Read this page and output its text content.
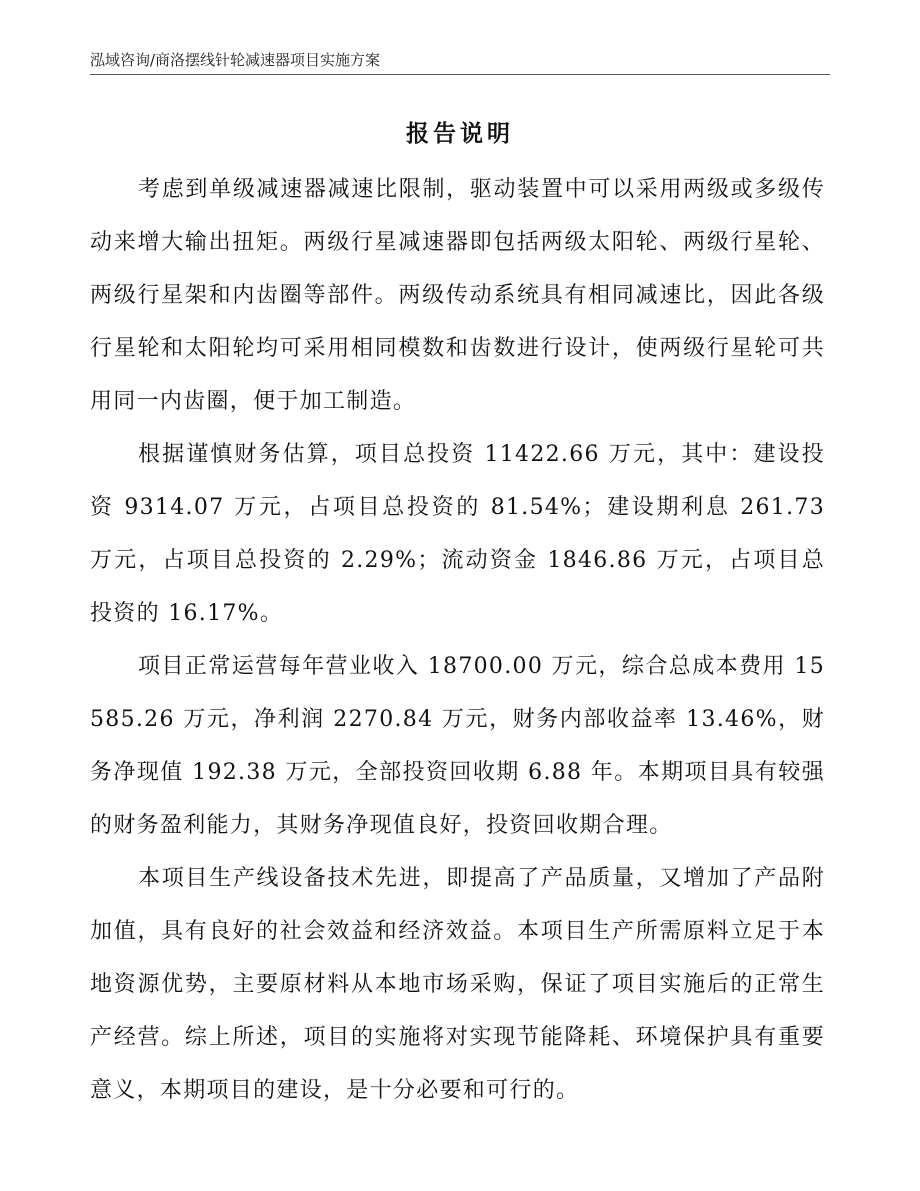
泓域咨询/商洛摆线针轮减速器项目实施方案
报告说明

考虑到单级减速器减速比限制，驱动装置中可以采用两级或多级传动来增大输出扭矩。两级行星减速器即包括两级太阳轮、两级行星轮、两级行星架和内齿圈等部件。两级传动系统具有相同减速比，因此各级行星轮和太阳轮均可采用相同模数和齿数进行设计，使两级行星轮可共用同一内齿圈，便于加工制造。

根据谨慎财务估算，项目总投资 11422.66 万元，其中：建设投资 9314.07 万元，占项目总投资的 81.54%；建设期利息 261.73 万元，占项目总投资的 2.29%；流动资金 1846.86 万元，占项目总投资的 16.17%。

项目正常运营每年营业收入 18700.00 万元，综合总成本费用 15585.26 万元，净利润 2270.84 万元，财务内部收益率 13.46%，财务净现值 192.38 万元，全部投资回收期 6.88 年。本期项目具有较强的财务盈利能力，其财务净现值良好，投资回收期合理。

本项目生产线设备技术先进，即提高了产品质量，又增加了产品附加值，具有良好的社会效益和经济效益。本项目生产所需原料立足于本地资源优势，主要原材料从本地市场采购，保证了项目实施后的正常生产经营。综上所述，项目的实施将对实现节能降耗、环境保护具有重要意义，本期项目的建设，是十分必要和可行的。
